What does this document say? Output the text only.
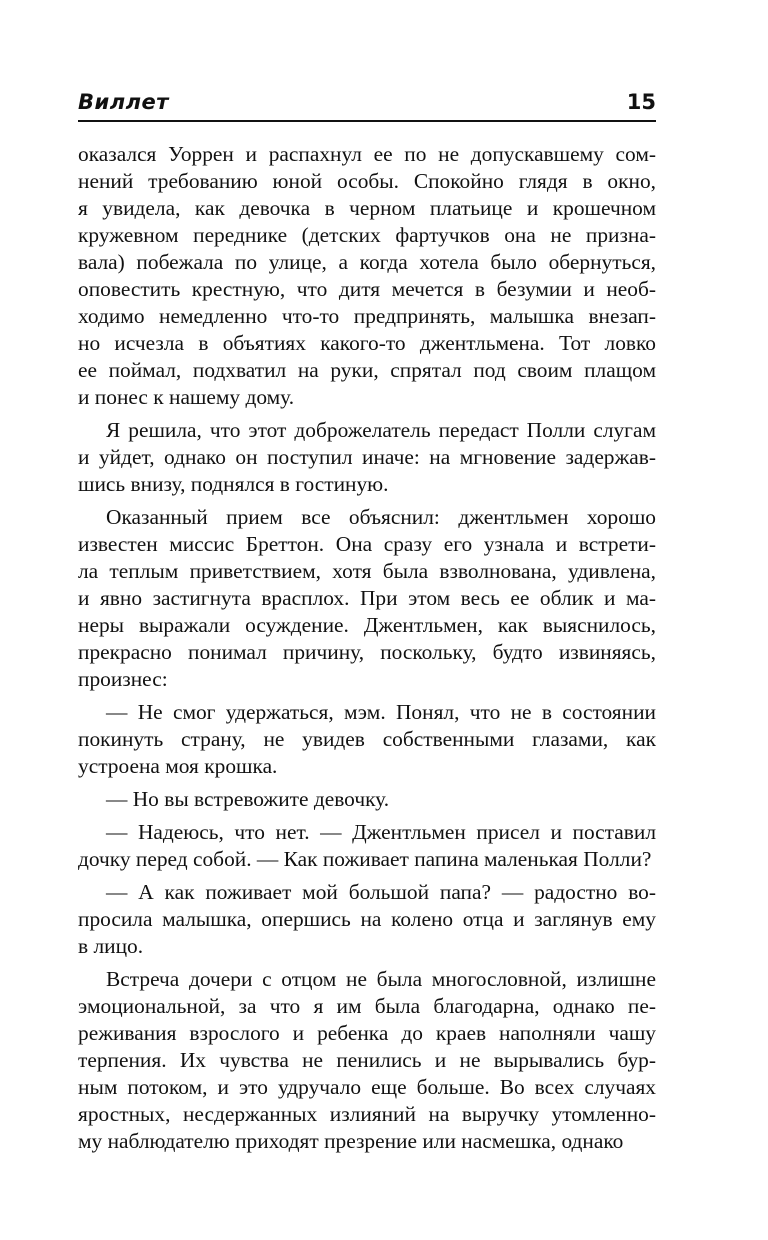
Виллет	15
оказался Уоррен и распахнул ее по не допускавшему сом-
нений требованию юной особы. Спокойно глядя в окно,
я увидела, как девочка в черном платьице и крошечном
кружевном переднике (детских фартучков она не призна-
вала) побежала по улице, а когда хотела было обернуться,
оповестить крестную, что дитя мечется в безумии и необ-
ходимо немедленно что-то предпринять, малышка внезап-
но исчезла в объятиях какого-то джентльмена. Тот ловко
ее поймал, подхватил на руки, спрятал под своим плащом
и понес к нашему дому.
Я решила, что этот доброжелатель передаст Полли слугам
и уйдет, однако он поступил иначе: на мгновение задержав-
шись внизу, поднялся в гостиную.
Оказанный прием все объяснил: джентльмен хорошо
известен миссис Бреттон. Она сразу его узнала и встрети-
ла теплым приветствием, хотя была взволнована, удивлена,
и явно застигнута врасплох. При этом весь ее облик и ма-
неры выражали осуждение. Джентльмен, как выяснилось,
прекрасно понимал причину, поскольку, будто извиняясь,
произнес:
— Не смог удержаться, мэм. Понял, что не в состоянии
покинуть страну, не увидев собственными глазами, как
устроена моя крошка.
— Но вы встревожите девочку.
— Надеюсь, что нет. — Джентльмен присел и поставил
дочку перед собой. — Как поживает папина маленькая Полли?
— А как поживает мой большой папа? — радостно во-
просила малышка, опершись на колено отца и заглянув ему
в лицо.
Встреча дочери с отцом не была многословной, излишне
эмоциональной, за что я им была благодарна, однако пе-
реживания взрослого и ребенка до краев наполняли чашу
терпения. Их чувства не пенились и не вырывались бур-
ным потоком, и это удручало еще больше. Во всех случаях
яростных, несдержанных излияний на выручку утомленно-
му наблюдателю приходят презрение или насмешка, однако
